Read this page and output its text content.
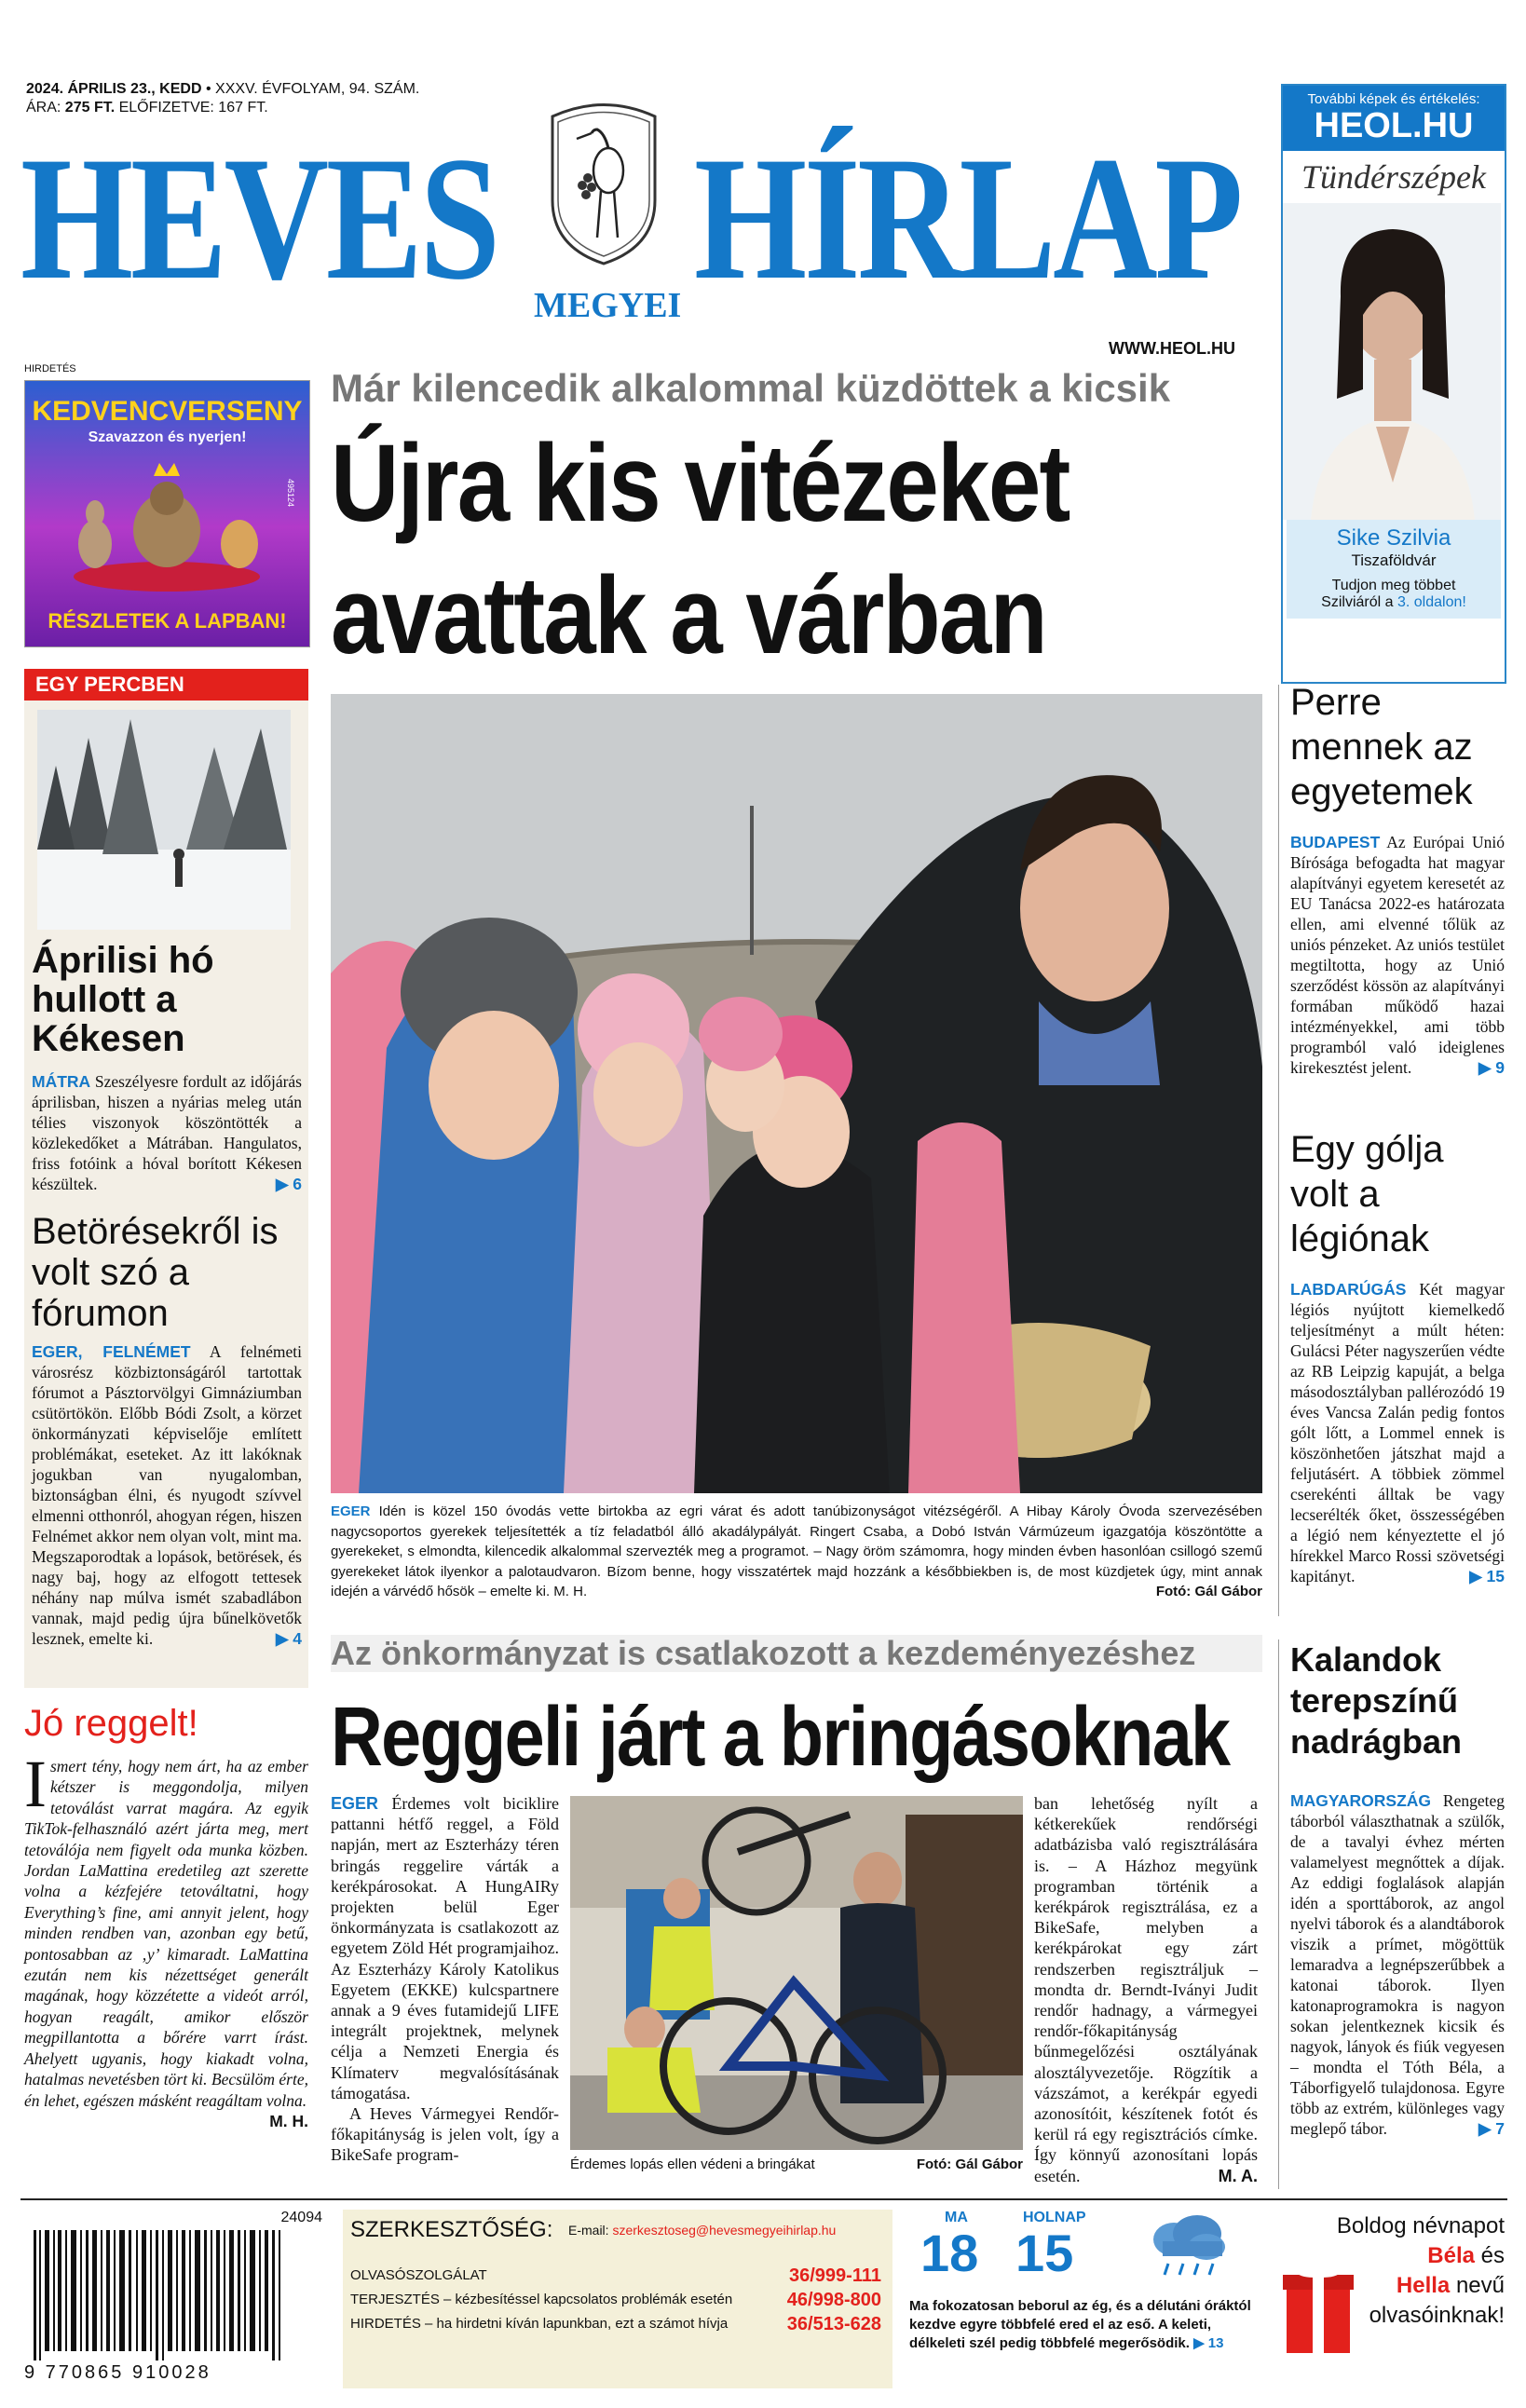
2024. ÁPRILIS 23., KEDD • XXXV. ÉVFOLYAM, 94. SZÁM.
ÁRA: 275 FT. ELŐFIZETVE: 167 FT.
HEVES HÍRLAP
MEGYEI
WWW.HEOL.HU
További képek és értékelés:
HEOL.HU
Tündérszépek
Sike Szilvia
Tiszaföldvár
Tudjon meg többet
Szilviáról a 3. oldalon!
HIRDETÉS
KEDVENCVERSENY
Szavazzon és nyerjen!
495124
RÉSZLETEK A LAPBAN!
EGY PERCBEN
Áprilisi hó hullott a Kékesen
MÁTRA Szeszélyesre fordult az időjárás áprilisban, hiszen a nyárias meleg után télies viszonyok köszöntötték a közlekedőket a Mátrában. Hangulatos, friss fotóink a hóval borított Kékesen készültek.	▶ 6
Betörésekről is volt szó a fórumon
EGER, FELNÉMET A felnémeti városrész közbiztonságáról tartottak fórumot a Pásztorvölgyi Gimnáziumban csütörtökön. Előbb Bódi Zsolt, a körzet önkormányzati képviselője említett problémákat, eseteket. Az itt lakóknak jogukban van nyugalomban, biztonságban élni, és nyugodt szívvel elmenni otthonról, ahogyan régen, hiszen Felnémet akkor nem olyan volt, mint ma. Megszaporodtak a lopások, betörések, és nagy baj, hogy az elfogott tettesek néhány nap múlva ismét szabadlábon vannak, majd pedig újra bűnelkövetők lesznek, emelte ki.	▶ 4
Már kilencedik alkalommal küzdöttek a kicsik
Újra kis vitézeket
avattak a várban
EGER Idén is közel 150 óvodás vette birtokba az egri várat és adott tanúbizonyságot vitézségéről. A Hibay Károly Óvoda szervezésében nagycsoportos gyerekek teljesítették a tíz feladatból álló akadálypályát. Ringert Csaba, a Dobó István Vármúzeum igazgatója köszöntötte a gyerekeket, s elmondta, kilencedik alkalommal szervezték meg a programot. – Nagy öröm számomra, hogy minden évben hasonlóan csillogó szemű gyerekeket látok ilyenkor a palotaudvaron. Bízom benne, hogy visszatértek majd hozzánk a későbbiekben is, de most küzdjetek úgy, mint annak idején a várvédő hősök – emelte ki. M. H.	Fotó: Gál Gábor
Perre mennek az egyetemek
BUDAPEST Az Európai Unió Bírósága befogadta hat magyar alapítványi egyetem keresetét az EU Tanácsa 2022-es határozata ellen, ami elvenné tőlük az uniós pénzeket. Az uniós testület megtiltotta, hogy az Unió szerződést kössön az alapítványi formában működő hazai intézményekkel, ami több programból való ideiglenes kirekesztést jelent.	▶ 9
Egy gólja volt a légiónak
LABDARÚGÁS Két magyar légiós nyújtott kiemelkedő teljesítményt a múlt héten: Gulácsi Péter nagyszerűen védte az RB Leipzig kapuját, a belga másodosztályban pallérozódó 19 éves Vancsa Zalán pedig fontos gólt lőtt, a Lommel ennek is köszönhetően játszhat majd a feljutásért. A többiek zömmel cserekénti álltak be vagy lecserélték őket, összességében a légió nem kényeztette el jó hírekkel Marco Rossi szövetségi kapitányt.	▶ 15
Kalandok terepszínű nadrágban
MAGYARORSZÁG Rengeteg táborból választhatnak a szülők, de a tavalyi évhez mérten valamelyest megnőttek a díjak. Az eddigi foglalások alapján idén a sporttáborok, az angol nyelvi táborok és a alandtáborok viszik a prímet, mögöttük lemaradva a legnépszerűbbek a katonai táborok. Ilyen katonaprogramokra is nagyon sokan jelentkeznek kicsik és nagyok, lányok és fiúk vegyesen – mondta el Tóth Béla, a Táborfigyelő tulajdonosa. Egyre több az extrém, különleges vagy meglepő tábor.	▶ 7
Az önkormányzat is csatlakozott a kezdeményezéshez
Reggeli járt a bringásoknak
EGER Érdemes volt biciklire pattanni hétfő reggel, a Föld napján, mert az Eszterházy téren bringás reggelire várták a kerékpárosokat. A HungAIRy projekten belül Eger önkormányzata is csatlakozott az egyetem Zöld Hét programjaihoz. Az Eszterházy Károly Katolikus Egyetem (EKKE) kulcspartnere annak a 9 éves futamidejű LIFE integrált projektnek, melynek célja a Nemzeti Energia és Klímaterv megvalósításának támogatása.
A Heves Vármegyei Rendőr-főkapitányság is jelen volt, így a BikeSafe program-
Érdemes lopás ellen védeni a bringákat	Fotó: Gál Gábor
ban lehetőség nyílt a kétkerekűek rendőrségi adatbázisba való regisztrálására is. – A Házhoz megyünk programban történik a kerékpárok regisztrálása, ez a BikeSafe, melyben a kerékpárokat egy zárt rendszerben regisztráljuk – mondta dr. Berndt-Iványi Judit rendőr hadnagy, a vármegyei rendőr-főkapitányság bűnmegelőzési osztályának alosztályvezetője. Rögzítik a vázszámot, a kerékpár egyedi azonosítóit, készítenek fotót és kerül rá egy regisztrációs címke. Így könnyű azonosítani lopás esetén.	M. A.
Jó reggelt!
I smert tény, hogy nem árt, ha az ember kétszer is meggondolja, milyen tetoválást varrat magára. Az egyik TikTok-felhasználó azért járta meg, mert tetoválója nem figyelt oda munka közben. Jordan LaMattina eredetileg azt szerette volna a kézfejére tetováltatni, hogy Everything’s fine, ami annyit jelent, hogy minden rendben van, azonban egy betű, pontosabban az ‚y’ kimaradt. LaMattina ezután nem kis nézettséget generált magának, hogy közzétette a videót arról, hogyan reagált, amikor először megpillantotta a bőrére varrt írást. Ahelyett ugyanis, hogy kiakadt volna, hatalmas nevetésben tört ki. Becsülöm érte, én lehet, egészen másként reagáltam volna.
M. H.
24094
9 770865 910028
SZERKESZTŐSÉG: E-mail: szerkesztoseg@hevesmegyeihirlap.hu
OLVASÓSZOLGÁLAT	36/999-111
TERJESZTÉS – kézbesítéssel kapcsolatos problémák esetén	46/998-800
HIRDETÉS – ha hirdetni kíván lapunkban, ezt a számot hívja	36/513-628
MA
18
HOLNAP
15
Ma fokozatosan beborul az ég, és a délutáni óráktól kezdve egyre többfelé ered el az eső. A keleti, délkeleti szél pedig többfelé megerősödik. ▶ 13
Boldog névnapot
Béla és
Hella nevű
olvasóinknak!
